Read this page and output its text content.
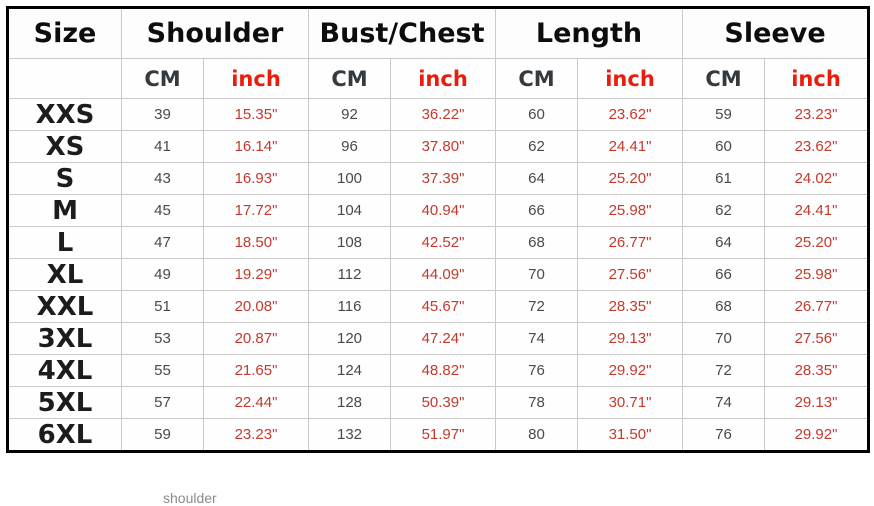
Size	Shoulder		Bust/Chest		Length		Sleeve	
	CM	inch	CM	inch	CM	inch	CM	inch
XXS	39	15.35"	92	36.22"	60	23.62"	59	23.23"
XS	41	16.14"	96	37.80"	62	24.41"	60	23.62"
S	43	16.93"	100	37.39"	64	25.20"	61	24.02"
M	45	17.72"	104	40.94"	66	25.98"	62	24.41"
L	47	18.50"	108	42.52"	68	26.77"	64	25.20"
XL	49	19.29"	112	44.09"	70	27.56"	66	25.98"
XXL	51	20.08"	116	45.67"	72	28.35"	68	26.77"
3XL	53	20.87"	120	47.24"	74	29.13"	70	27.56"
4XL	55	21.65"	124	48.82"	76	29.92"	72	28.35"
5XL	57	22.44"	128	50.39"	78	30.71"	74	29.13"
6XL	59	23.23"	132	51.97"	80	31.50"	76	29.92"
shoulder
